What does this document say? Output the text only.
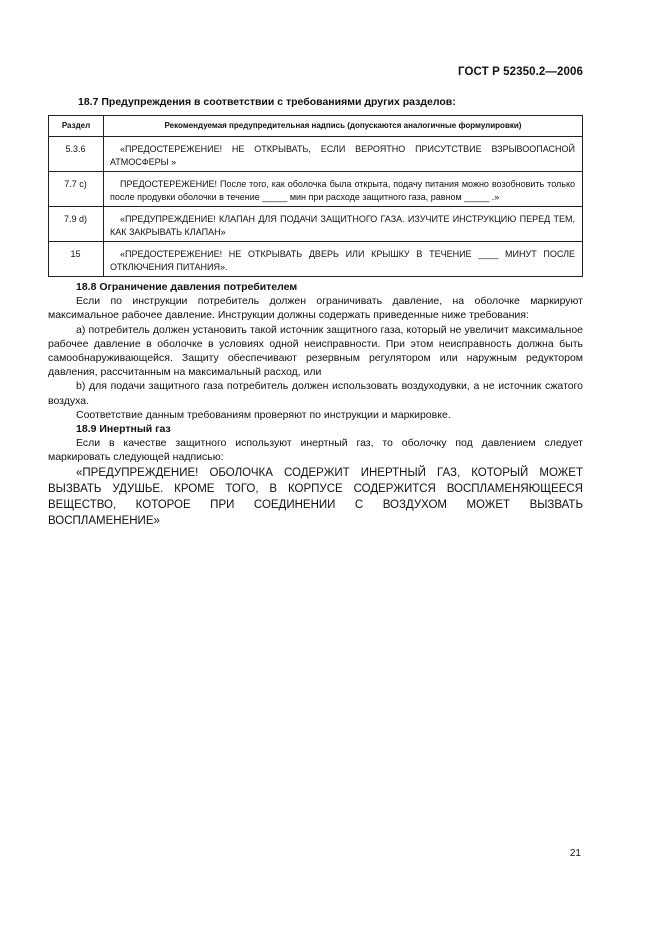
ГОСТ Р 52350.2—2006
18.7 Предупреждения в соответствии с требованиями других разделов:
Раздел	Рекомендуемая предупредительная надпись (допускаются аналогичные формулировки)
5.3.6	«ПРЕДОСТЕРЕЖЕНИЕ! НЕ ОТКРЫВАТЬ, ЕСЛИ ВЕРОЯТНО ПРИСУТСТВИЕ ВЗРЫВООПАСНОЙ АТМОСФЕРЫ »
7.7 c)	ПРЕДОСТЕРЕЖЕНИЕ! После того, как оболочка была открыта, подачу питания можно возобновить только после продувки оболочки в течение _____ мин при расходе защитного газа, равном _____ .»
7.9 d)	«ПРЕДУПРЕЖДЕНИЕ! КЛАПАН ДЛЯ ПОДАЧИ ЗАЩИТНОГО ГАЗА. ИЗУЧИТЕ ИНСТРУКЦИЮ ПЕРЕД ТЕМ, КАК ЗАКРЫВАТЬ КЛАПАН»
15	«ПРЕДОСТЕРЕЖЕНИЕ! НЕ ОТКРЫВАТЬ ДВЕРЬ ИЛИ КРЫШКУ В ТЕЧЕНИЕ ____ МИНУТ ПОСЛЕ ОТКЛЮЧЕНИЯ ПИТАНИЯ».

18.8 Ограничение давления потребителем

Если по инструкции потребитель должен ограничивать давление, на оболочке маркируют максимальное рабочее давление. Инструкции должны содержать приведенные ниже требования:

a) потребитель должен установить такой источник защитного газа, который не увеличит максимальное рабочее давление в оболочке в условиях одной неисправности. При этом неисправность должна быть самообнаруживающейся. Защиту обеспечивают резервным регулятором или наружным редуктором давления, рассчитанным на максимальный расход, или

b) для подачи защитного газа потребитель должен использовать воздуходувки, а не источник сжатого воздуха.

Соответствие данным требованиям проверяют по инструкции и маркировке.

18.9 Инертный газ

Если в качестве защитного используют инертный газ, то оболочку под давлением следует маркировать следующей надписью:

«ПРЕДУПРЕЖДЕНИЕ! ОБОЛОЧКА СОДЕРЖИТ ИНЕРТНЫЙ ГАЗ, КОТОРЫЙ МОЖЕТ ВЫЗВАТЬ УДУШЬЕ. КРОМЕ ТОГО, В КОРПУСЕ СОДЕРЖИТСЯ ВОСПЛАМЕНЯЮЩЕЕСЯ ВЕЩЕСТВО, КОТОРОЕ ПРИ СОЕДИНЕНИИ С ВОЗДУХОМ МОЖЕТ ВЫЗВАТЬ ВОСПЛАМЕНЕНИЕ»

21
